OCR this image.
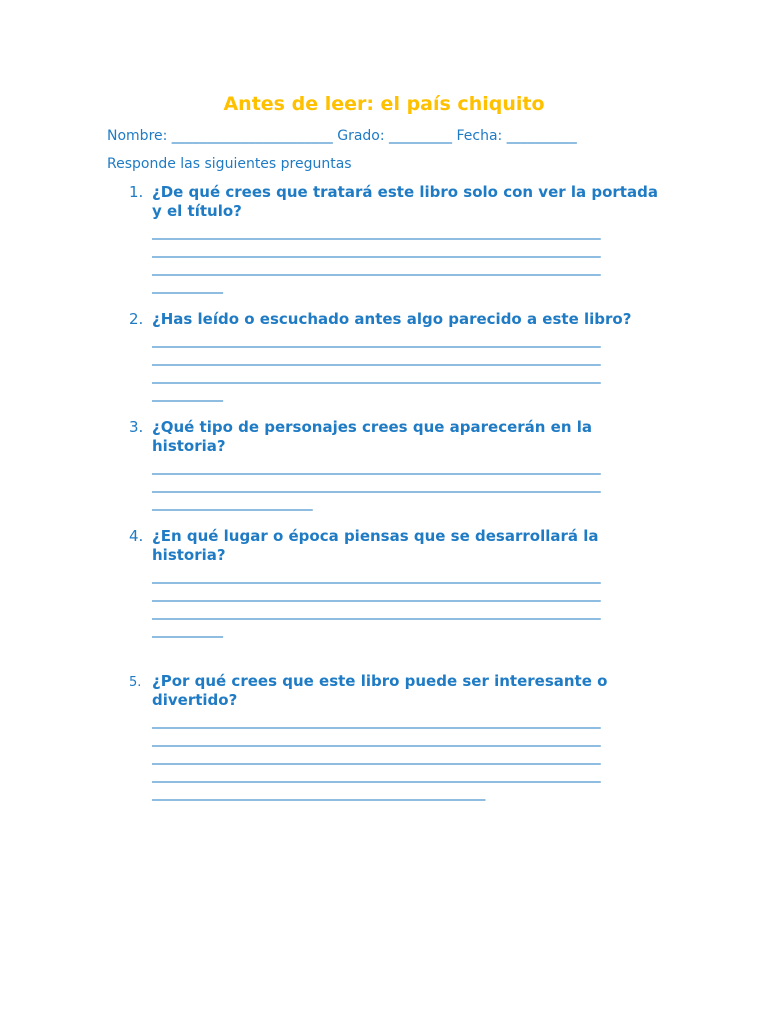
Antes de leer: el país chiquito
Nombre: _______________________ Grado: _________ Fecha: __________
Responde las siguientes preguntas
1. ¿De qué crees que tratará este libro solo con ver la portada y el título?

______________________________________________________________________
______________________________________________________________________
______________________________________________________________________
___________
2. ¿Has leído o escuchado antes algo parecido a este libro?

______________________________________________________________________
______________________________________________________________________
______________________________________________________________________
___________
3. ¿Qué tipo de personajes crees que aparecerán en la historia?

______________________________________________________________________
______________________________________________________________________
_________________________
4. ¿En qué lugar o época piensas que se desarrollará la historia?

______________________________________________________________________
______________________________________________________________________
______________________________________________________________________
___________
5. ¿Por qué crees que este libro puede ser interesante o divertido?

______________________________________________________________________
______________________________________________________________________
______________________________________________________________________
______________________________________________________________________
____________________________________________________
